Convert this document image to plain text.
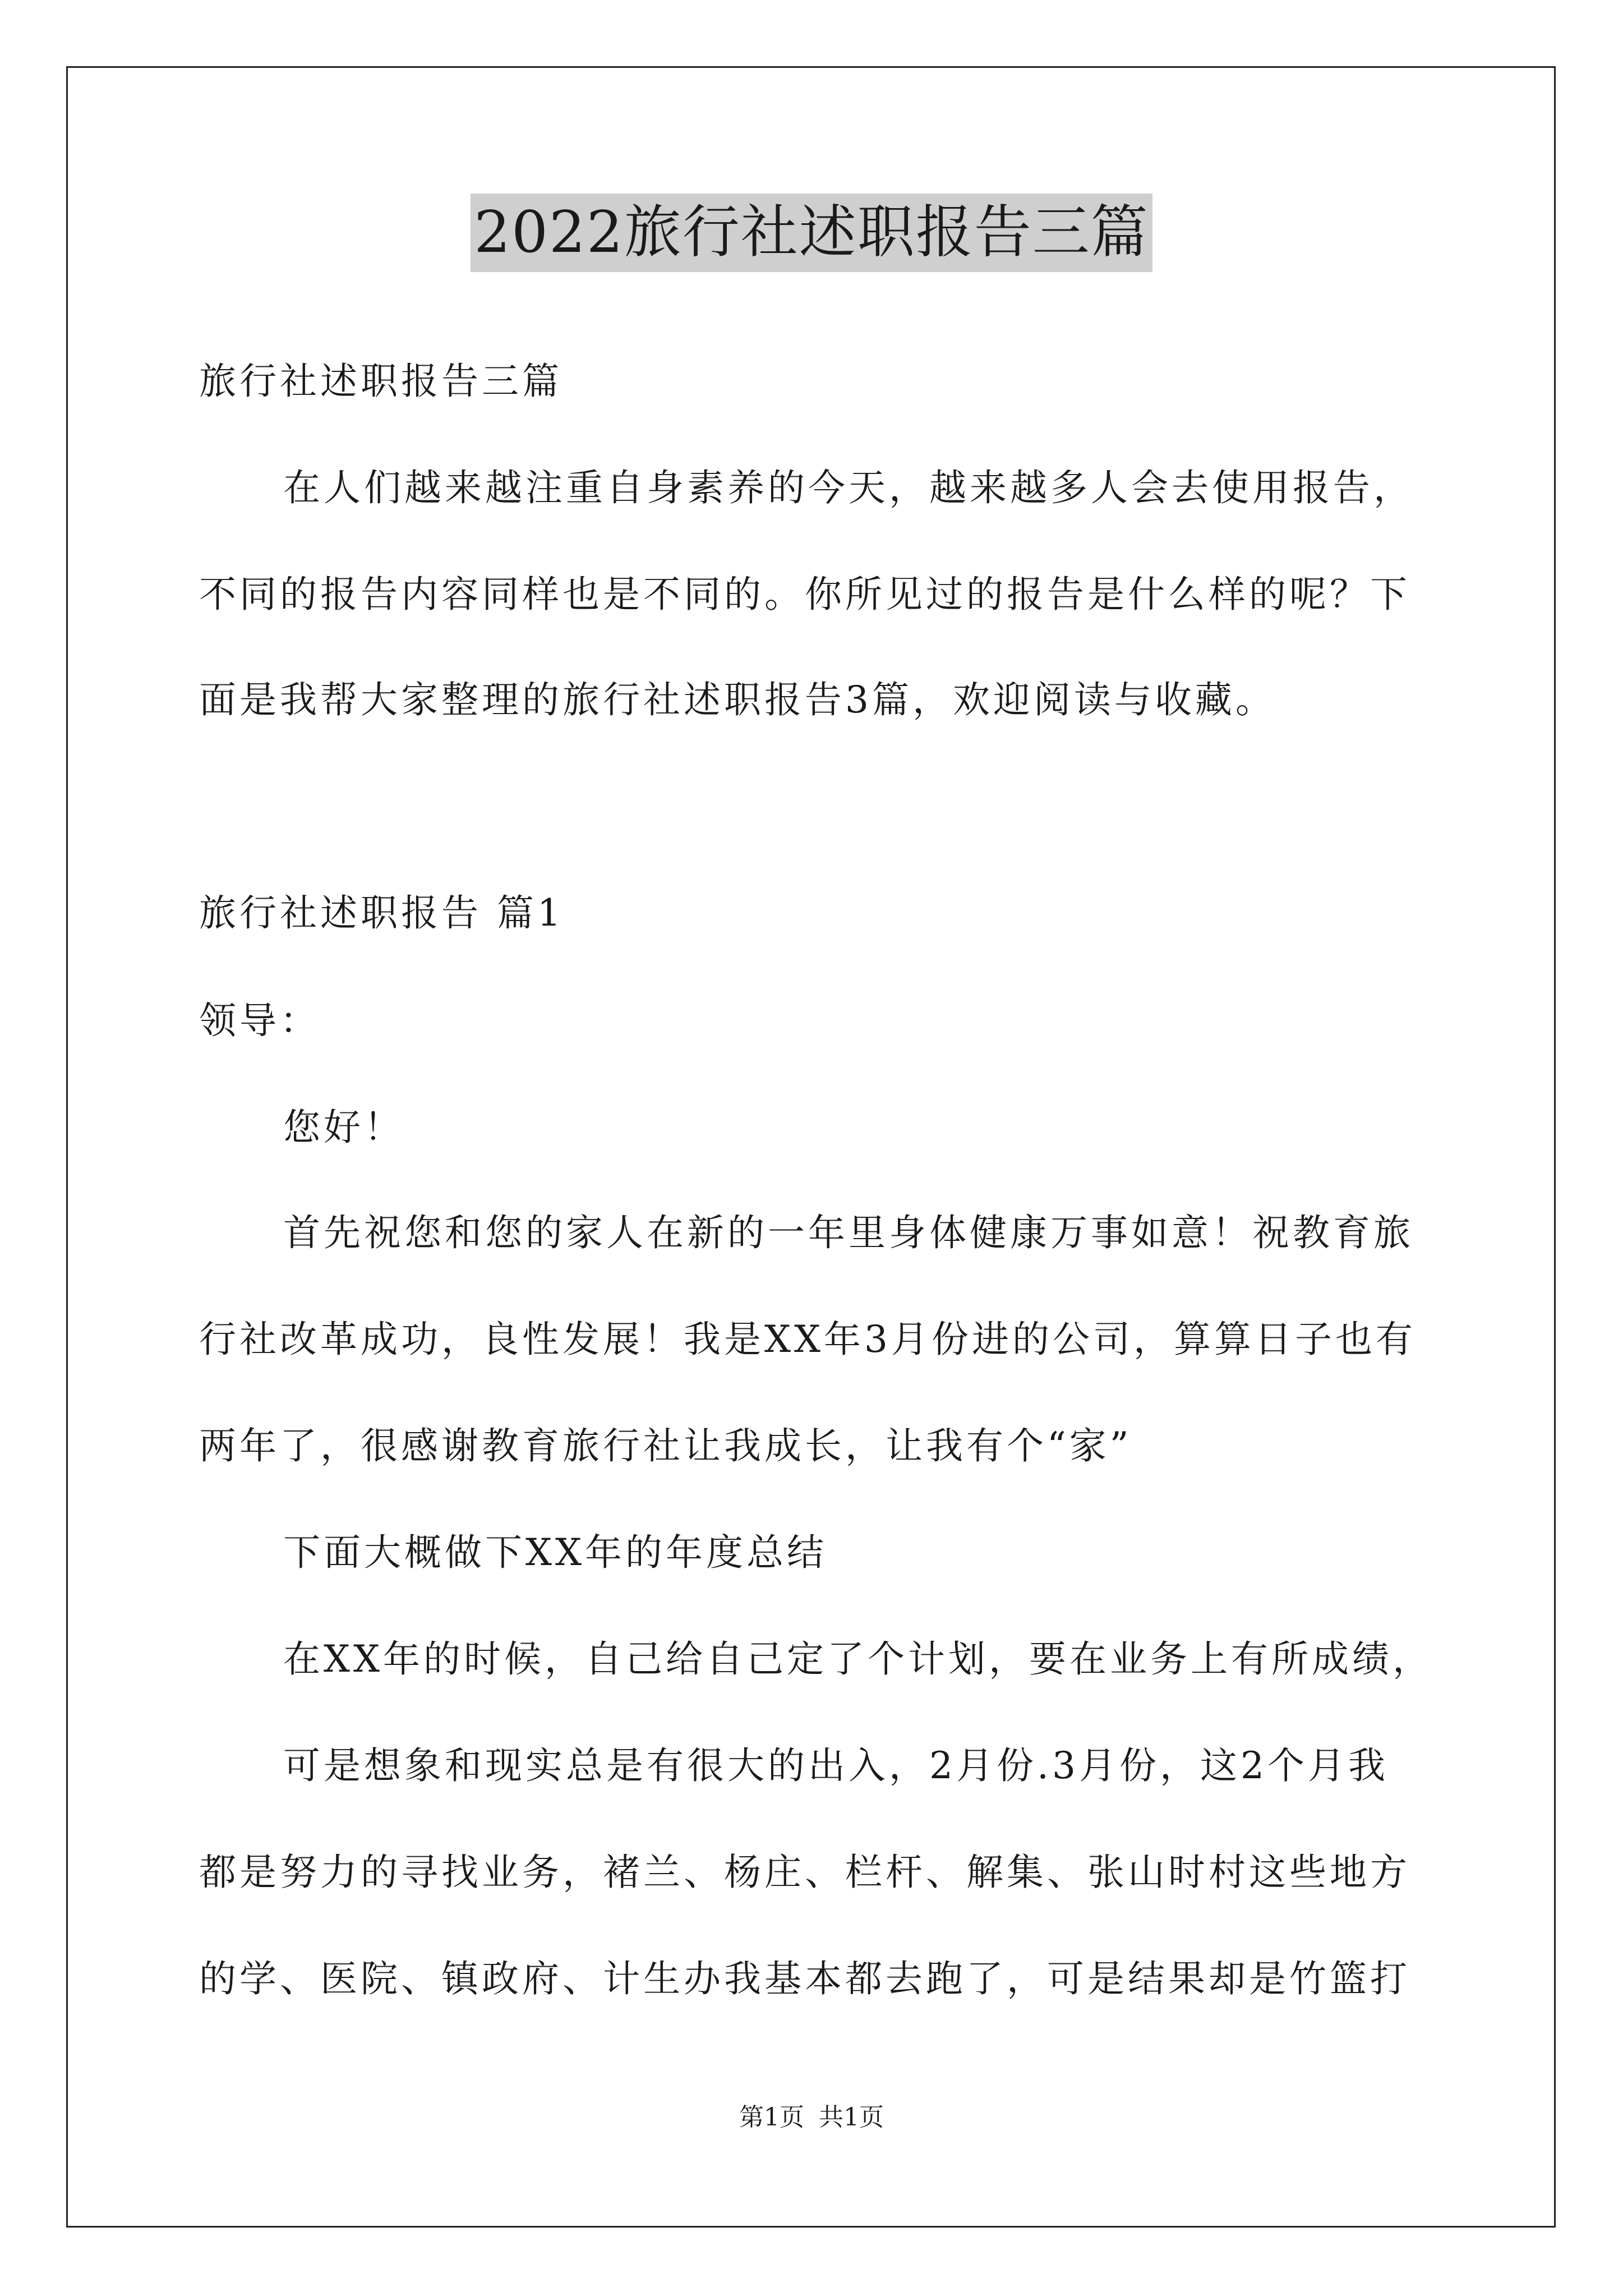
2022旅行社述职报告三篇

旅行社述职报告三篇

在人们越来越注重自身素养的今天，越来越多人会去使用报告，

不同的报告内容同样也是不同的。你所见过的报告是什么样的呢？下

面是我帮大家整理的旅行社述职报告3篇，欢迎阅读与收藏。

旅行社述职报告 篇1

领导：

您好！

首先祝您和您的家人在新的一年里身体健康万事如意！祝教育旅

行社改革成功，良性发展！我是XX年3月份进的公司，算算日子也有

两年了，很感谢教育旅行社让我成长，让我有个“家”

下面大概做下XX年的年度总结

在XX年的时候，自己给自己定了个计划，要在业务上有所成绩，

可是想象和现实总是有很大的出入，2月份.3月份，这2个月我

都是努力的寻找业务，褚兰、杨庄、栏杆、解集、张山时村这些地方

的学、医院、镇政府、计生办我基本都去跑了，可是结果却是竹篮打

第1页 共1页
